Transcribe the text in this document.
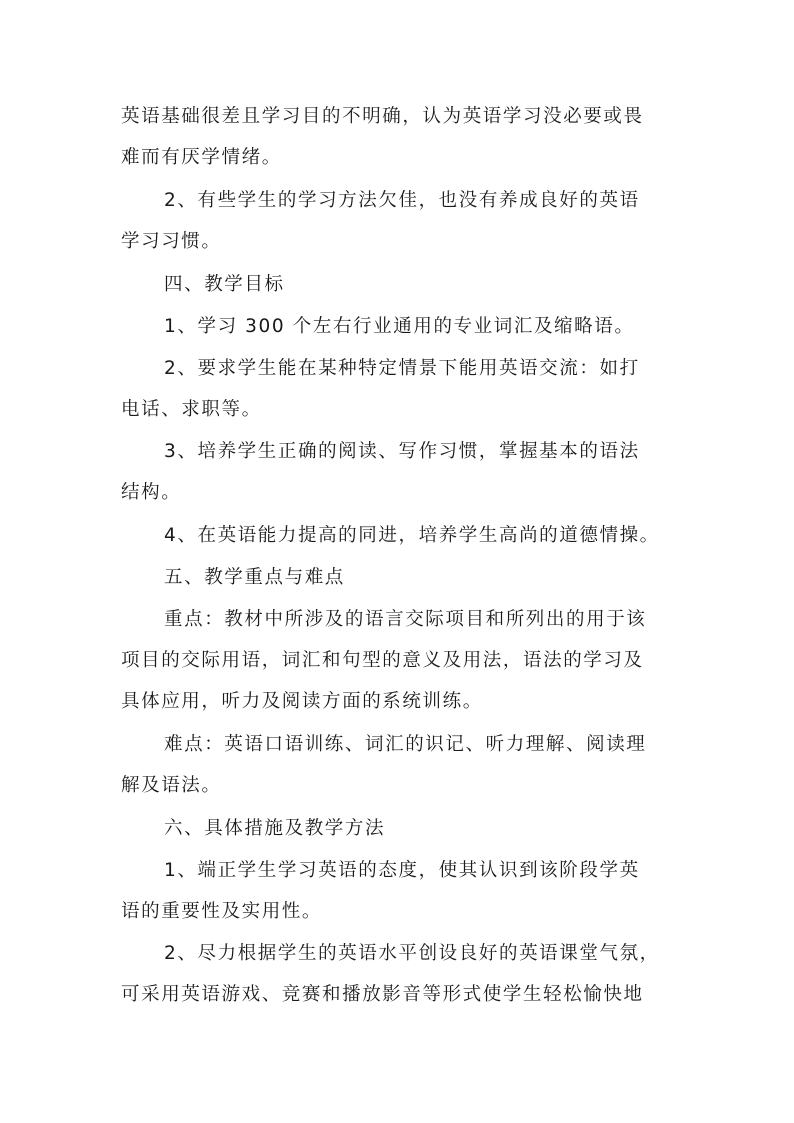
英语基础很差且学习目的不明确，认为英语学习没必要或畏
难而有厌学情绪。
2、有些学生的学习方法欠佳，也没有养成良好的英语
学习习惯。
四、教学目标
1、学习 300 个左右行业通用的专业词汇及缩略语。
2、要求学生能在某种特定情景下能用英语交流：如打
电话、求职等。
3、培养学生正确的阅读、写作习惯，掌握基本的语法
结构。
4、在英语能力提高的同进，培养学生高尚的道德情操。
五、教学重点与难点
重点：教材中所涉及的语言交际项目和所列出的用于该
项目的交际用语，词汇和句型的意义及用法，语法的学习及
具体应用，听力及阅读方面的系统训练。
难点：英语口语训练、词汇的识记、听力理解、阅读理
解及语法。
六、具体措施及教学方法
1、端正学生学习英语的态度，使其认识到该阶段学英
语的重要性及实用性。
2、尽力根据学生的英语水平创设良好的英语课堂气氛，
可采用英语游戏、竞赛和播放影音等形式使学生轻松愉快地
